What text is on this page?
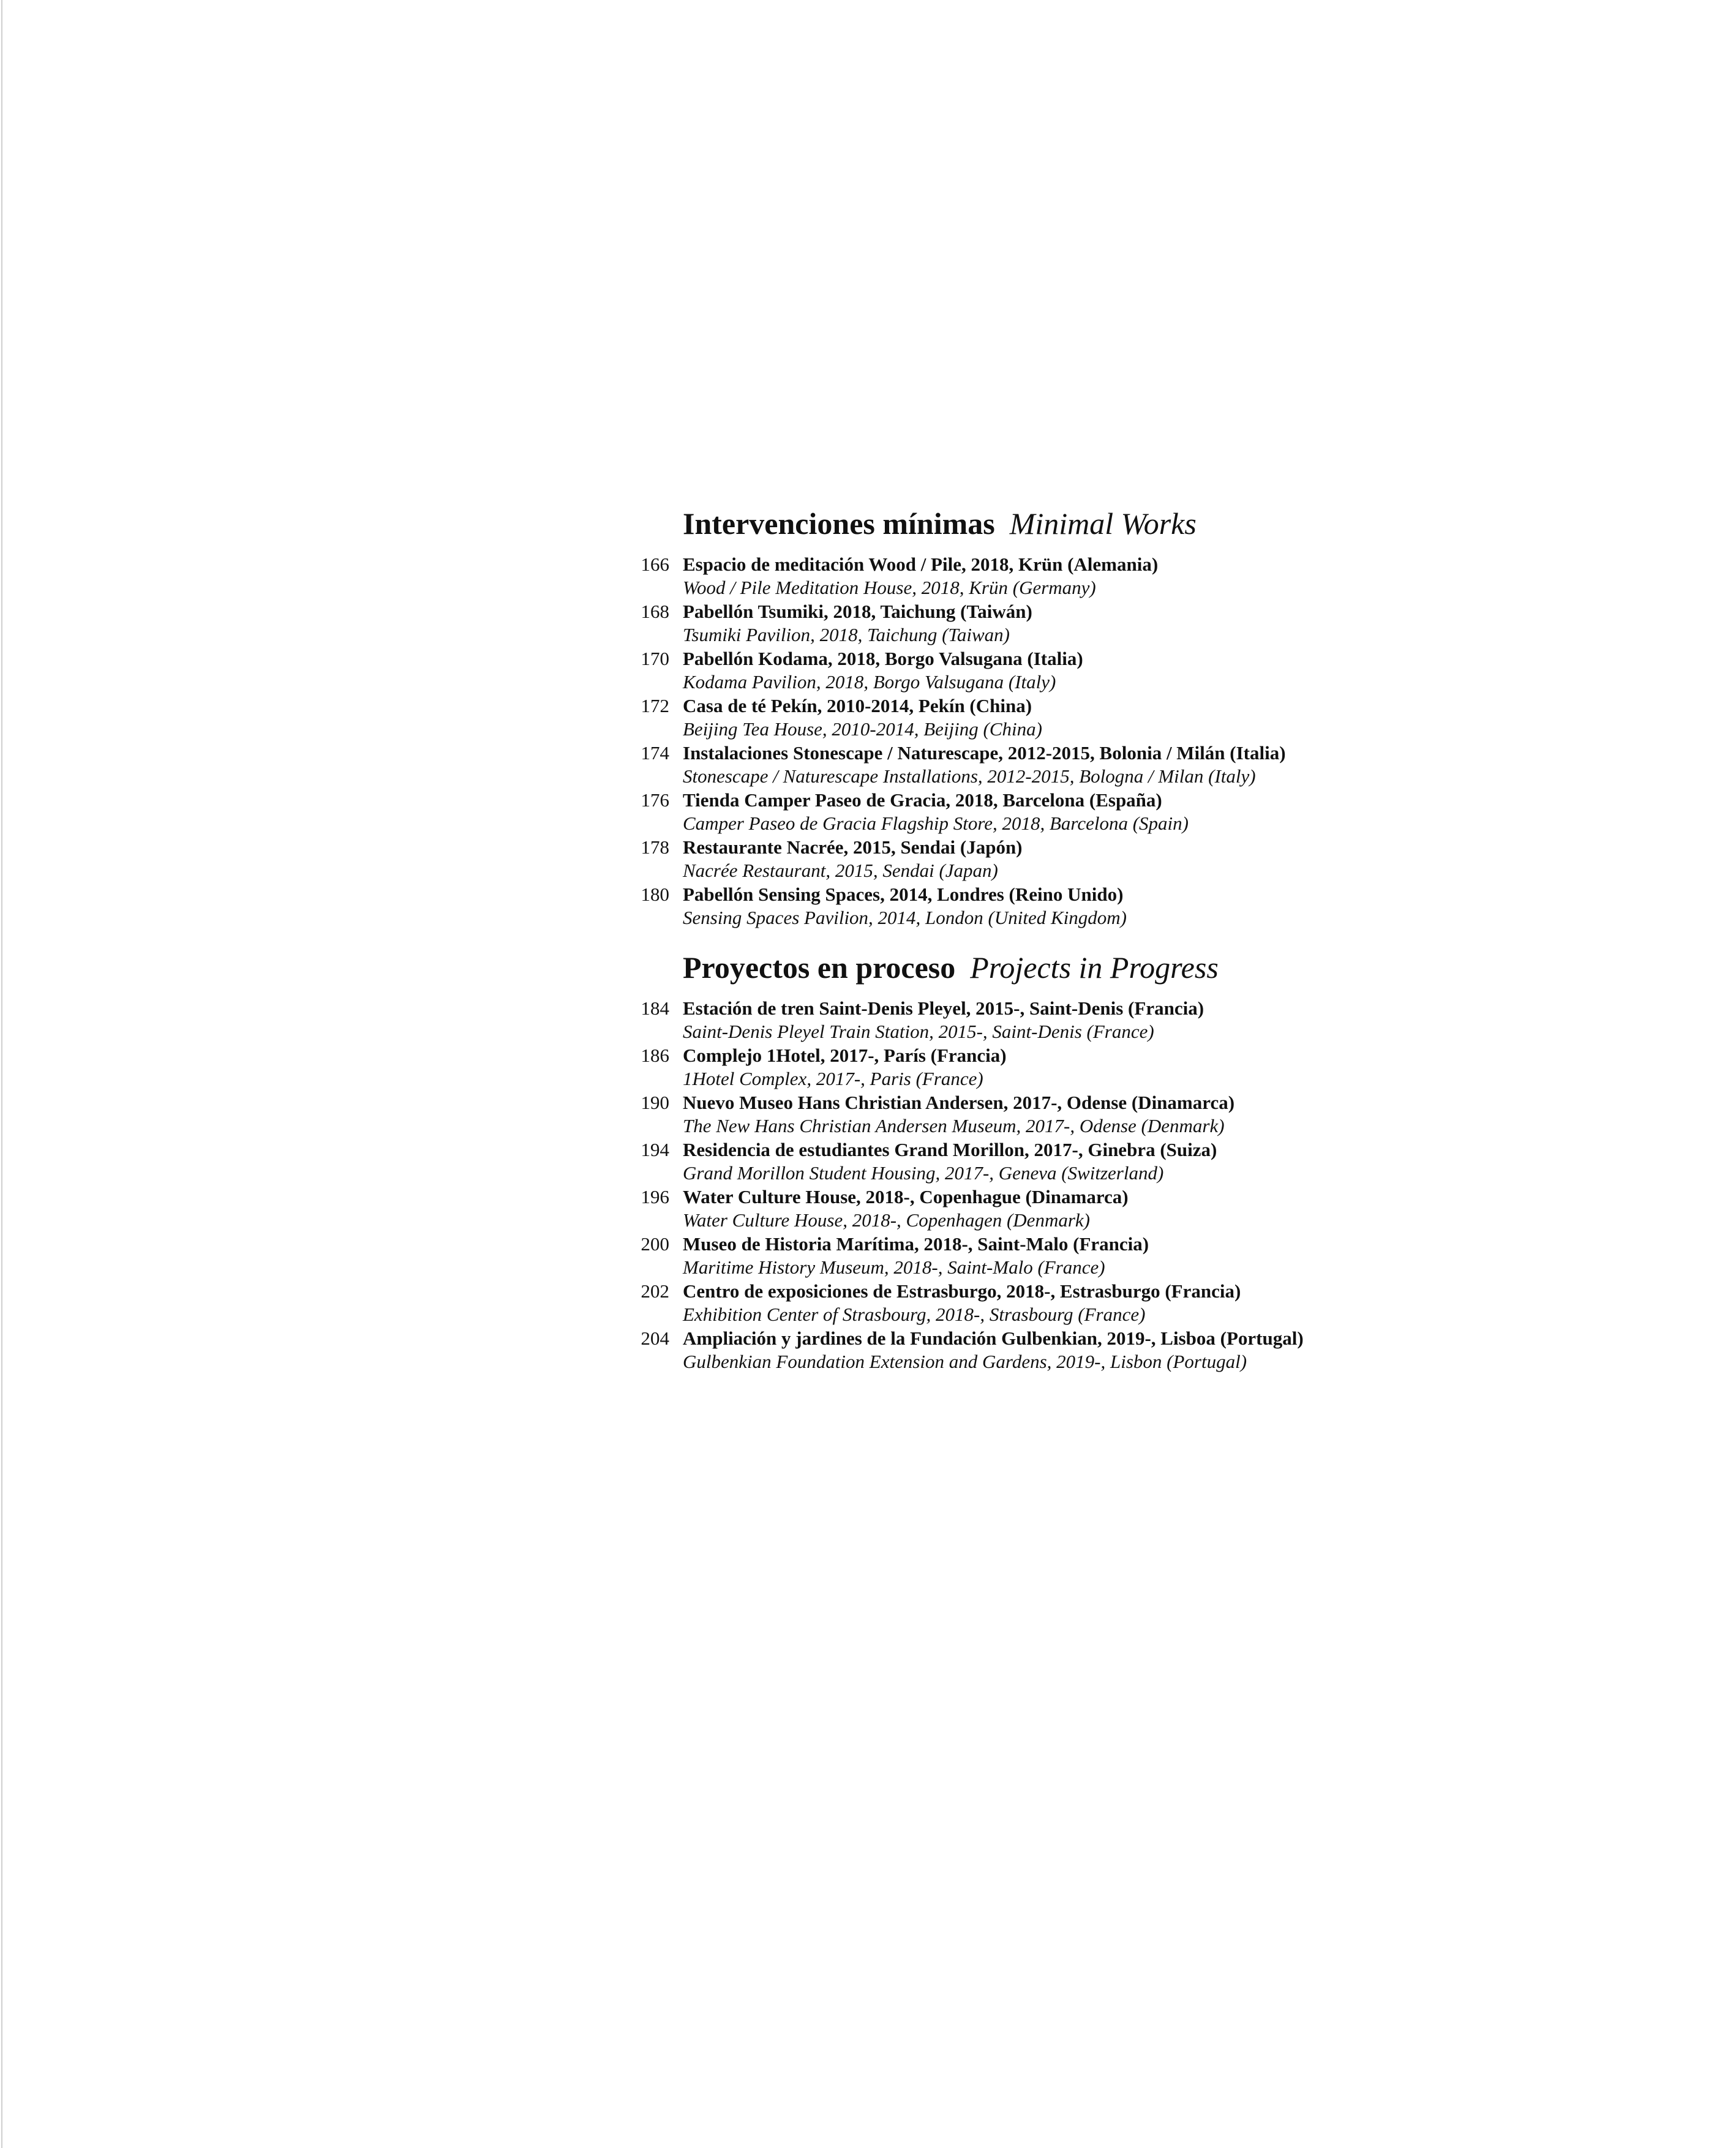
Intervenciones mínimas Minimal Works
166 Espacio de meditación Wood / Pile, 2018, Krün (Alemania)
Wood / Pile Meditation House, 2018, Krün (Germany)
168 Pabellón Tsumiki, 2018, Taichung (Taiwán)
Tsumiki Pavilion, 2018, Taichung (Taiwan)
170 Pabellón Kodama, 2018, Borgo Valsugana (Italia)
Kodama Pavilion, 2018, Borgo Valsugana (Italy)
172 Casa de té Pekín, 2010-2014, Pekín (China)
Beijing Tea House, 2010-2014, Beijing (China)
174 Instalaciones Stonescape / Naturescape, 2012-2015, Bolonia / Milán (Italia)
Stonescape / Naturescape Installations, 2012-2015, Bologna / Milan (Italy)
176 Tienda Camper Paseo de Gracia, 2018, Barcelona (España)
Camper Paseo de Gracia Flagship Store, 2018, Barcelona (Spain)
178 Restaurante Nacrée, 2015, Sendai (Japón)
Nacrée Restaurant, 2015, Sendai (Japan)
180 Pabellón Sensing Spaces, 2014, Londres (Reino Unido)
Sensing Spaces Pavilion, 2014, London (United Kingdom)
Proyectos en proceso Projects in Progress
184 Estación de tren Saint-Denis Pleyel, 2015-, Saint-Denis (Francia)
Saint-Denis Pleyel Train Station, 2015-, Saint-Denis (France)
186 Complejo 1Hotel, 2017-, París (Francia)
1Hotel Complex, 2017-, Paris (France)
190 Nuevo Museo Hans Christian Andersen, 2017-, Odense (Dinamarca)
The New Hans Christian Andersen Museum, 2017-, Odense (Denmark)
194 Residencia de estudiantes Grand Morillon, 2017-, Ginebra (Suiza)
Grand Morillon Student Housing, 2017-, Geneva (Switzerland)
196 Water Culture House, 2018-, Copenhague (Dinamarca)
Water Culture House, 2018-, Copenhagen (Denmark)
200 Museo de Historia Marítima, 2018-, Saint-Malo (Francia)
Maritime History Museum, 2018-, Saint-Malo (France)
202 Centro de exposiciones de Estrasburgo, 2018-, Estrasburgo (Francia)
Exhibition Center of Strasbourg, 2018-, Strasbourg (France)
204 Ampliación y jardines de la Fundación Gulbenkian, 2019-, Lisboa (Portugal)
Gulbenkian Foundation Extension and Gardens, 2019-, Lisbon (Portugal)
